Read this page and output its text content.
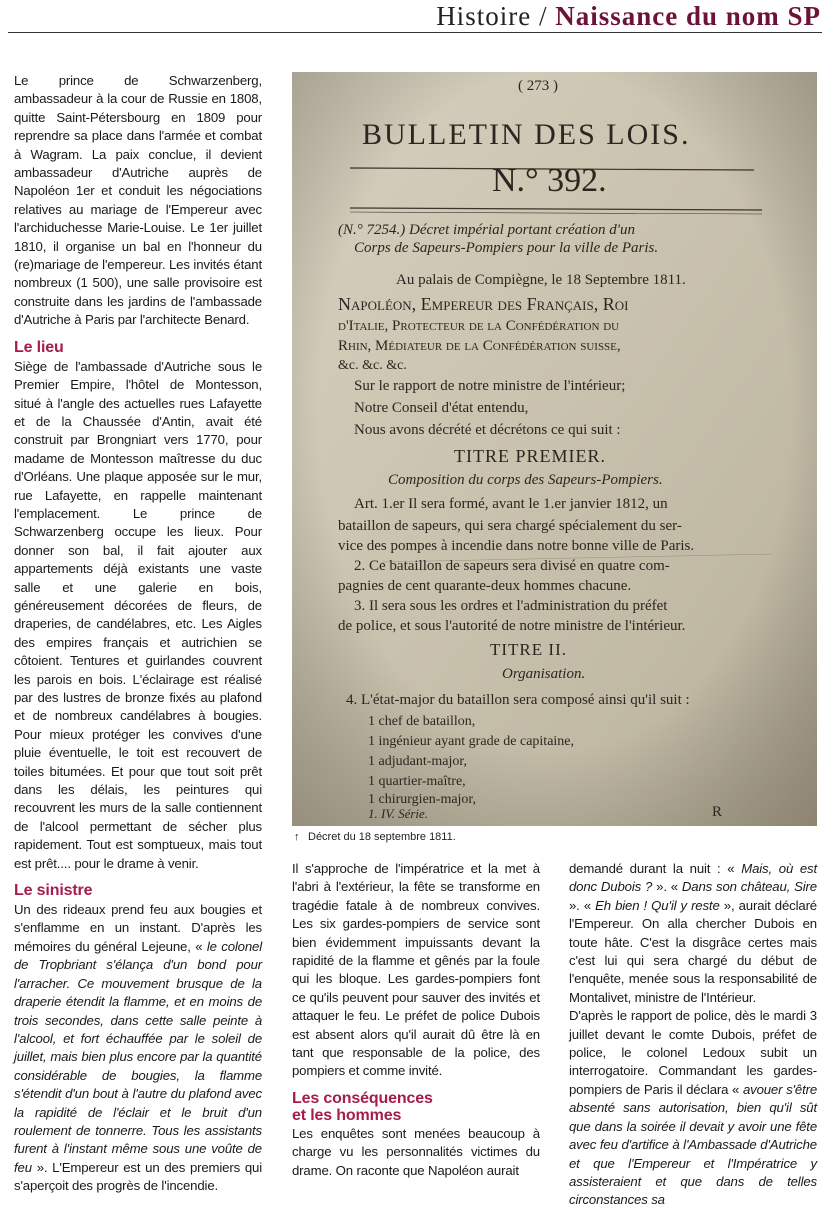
Histoire / Naissance du nom SP

Le prince de Schwarzenberg, ambassadeur à la cour de Russie en 1808, quitte Saint-Pétersbourg en 1809 pour reprendre sa place dans l'armée et combat à Wagram. La paix conclue, il devient ambassadeur d'Autriche auprès de Napoléon 1er et conduit les négociations relatives au mariage de l'Empereur avec l'archiduchesse Marie-Louise. Le 1er juillet 1810, il organise un bal en l'honneur du (re)mariage de l'empereur. Les invités étant nombreux (1 500), une salle provisoire est construite dans les jardins de l'ambassade d'Autriche à Paris par l'architecte Benard.

Le lieu

Siège de l'ambassade d'Autriche sous le Premier Empire, l'hôtel de Montesson, situé à l'angle des actuelles rues Lafayette et de la Chaussée d'Antin, avait été construit par Brongniart vers 1770, pour madame de Montesson maîtresse du duc d'Orléans. Une plaque apposée sur le mur, rue Lafayette, en rappelle maintenant l'emplacement. Le prince de Schwarzenberg occupe les lieux. Pour donner son bal, il fait ajouter aux appartements déjà existants une vaste salle et une galerie en bois, généreusement décorées de fleurs, de draperies, de candélabres, etc. Les Aigles des empires français et autrichien se côtoient. Tentures et guirlandes couvrent les parois en bois. L'éclairage est réalisé par des lustres de bronze fixés au plafond et de nombreux candélabres à bougies. Pour mieux protéger les convives d'une pluie éventuelle, le toit est recouvert de toiles bitumées. Et pour que tout soit prêt dans les délais, les peintures qui recouvrent les murs de la salle contiennent de l'alcool permettant de sécher plus rapidement. Tout est somptueux, mais tout est prêt.... pour le drame à venir.

Le sinistre

Un des rideaux prend feu aux bougies et s'enflamme en un instant. D'après les mémoires du général Lejeune, « le colonel de Tropbriant s'élança d'un bond pour l'arracher. Ce mouvement brusque de la draperie étendit la flamme, et en moins de trois secondes, dans cette salle peinte à l'alcool, et fort échauffée par le soleil de juillet, mais bien plus encore par la quantité considérable de bougies, la flamme s'étendit d'un bout à l'autre du plafond avec la rapidité de l'éclair et le bruit d'un roulement de tonnerre. Tous les assistants furent à l'instant même sous une voûte de feu ». L'Empereur est un des premiers qui s'aperçoit des progrès de l'incendie.

Il s'approche de l'impératrice et la met à l'abri à l'extérieur, la fête se transforme en tragédie fatale à de nombreux convives. Les six gardes-pompiers de service sont bien évidemment impuissants devant la rapidité de la flamme et gênés par la foule qui les bloque. Les gardes-pompiers font ce qu'ils peuvent pour sauver des invités et attaquer le feu. Le préfet de police Dubois est absent alors qu'il aurait dû être là en tant que responsable de la police, des pompiers et comme invité.

Les conséquences
et les hommes

Les enquêtes sont menées beaucoup à charge vu les personnalités victimes du drame. On raconte que Napoléon aurait

demandé durant la nuit : « Mais, où est donc Dubois ? ». « Dans son château, Sire ». « Eh bien ! Qu'il y reste », aurait déclaré l'Empereur. On alla chercher Dubois en toute hâte. C'est la disgrâce certes mais c'est lui qui sera chargé du début de l'enquête, menée sous la responsabilité de Montalivet, ministre de l'Intérieur.

D'après le rapport de police, dès le mardi 3 juillet devant le comte Dubois, préfet de police, le colonel Ledoux subit un interrogatoire. Commandant les gardes-pompiers de Paris il déclara « avouer s'être absenté sans autorisation, bien qu'il sût que dans la soirée il devait y avoir une fête avec feu d'artifice à l'Ambassade d'Autriche et que l'Empereur et l'Impératrice y assisteraient et que dans de telles circonstances sa

( 273 )
BULLETIN DES LOIS.
N.° 392.
(N.° 7254.) Décret impérial portant création d'un
Corps de Sapeurs-Pompiers pour la ville de Paris.
Au palais de Compiègne, le 18 Septembre 1811.
Napoléon, Empereur des Français, Roi
d'Italie, Protecteur de la Confédération du
Rhin, Médiateur de la Confédération suisse,
&c. &c. &c.
Sur le rapport de notre ministre de l'intérieur;
Notre Conseil d'état entendu,
Nous avons décrété et décrétons ce qui suit :
TITRE PREMIER.
Composition du corps des Sapeurs-Pompiers.
Art. 1.er Il sera formé, avant le 1.er janvier 1812, un
bataillon de sapeurs, qui sera chargé spécialement du ser-
vice des pompes à incendie dans notre bonne ville de Paris.
2. Ce bataillon de sapeurs sera divisé en quatre com-
pagnies de cent quarante-deux hommes chacune.
3. Il sera sous les ordres et l'administration du préfet
de police, et sous l'autorité de notre ministre de l'intérieur.
TITRE II.
Organisation.
4. L'état-major du bataillon sera composé ainsi qu'il suit :
1 chef de bataillon,
1 ingénieur ayant grade de capitaine,
1 adjudant-major,
1 quartier-maître,
1 chirurgien-major,
1. IV. Série.	R
↑ Décret du 18 septembre 1811.
